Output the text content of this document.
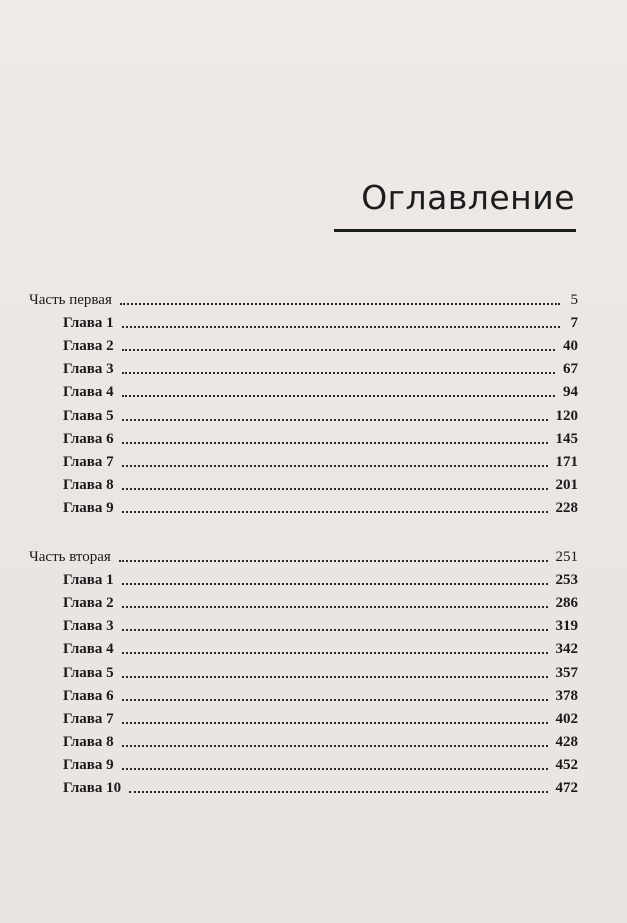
Оглавление
Часть первая	5
Глава 1	7
Глава 2	40
Глава 3	67
Глава 4	94
Глава 5	120
Глава 6	145
Глава 7	171
Глава 8	201
Глава 9	228
Часть вторая	251
Глава 1	253
Глава 2	286
Глава 3	319
Глава 4	342
Глава 5	357
Глава 6	378
Глава 7	402
Глава 8	428
Глава 9	452
Глава 10	472
